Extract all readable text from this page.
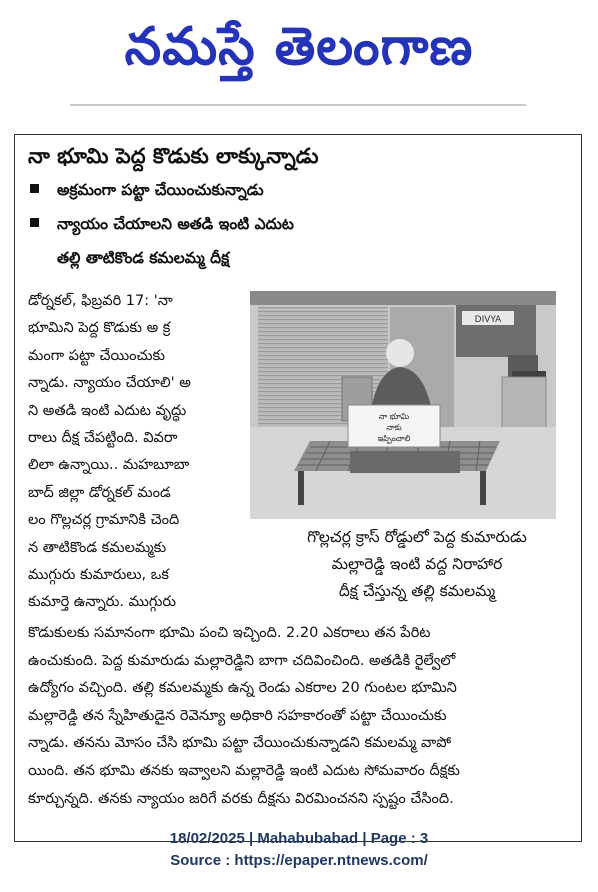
నమస్తే తెలంగాణ
నా భూమి పెద్ద కొడుకు లాక్కున్నాడు
అక్రమంగా పట్టా చేయించుకున్నాడు
న్యాయం చేయాలని అతడి ఇంటి ఎదుట
తల్లి తాటికొండ కమలమ్మ దీక్ష
డోర్నకల్‌, ఫిబ్రవరి 17: 'నా
భూమిని పెద్ద కొడుకు అ క్ర
మంగా పట్టా చేయించుకు
న్నాడు. న్యాయం చేయాలి' అ
ని అతడి ఇంటి ఎదుట వృద్ధు
రాలు దీక్ష చేపట్టింది. వివరా
లిలా ఉన్నాయి.. మహబూబా
బాద్‌ జిల్లా డోర్నకల్‌ మండ
లం గొల్లచర్ల గ్రామానికి చెంది
న తాటికొండ కమలమ్మకు
ముగ్గురు కుమారులు, ఒక
కుమార్తె ఉన్నారు. ముగ్గురు
DIVYA
నా భూమి
నాకు
ఇప్పించాలి
గొల్లచర్ల క్రాస్‌ రోడ్డులో పెద్ద కుమారుడు
మల్లారెడ్డి ఇంటి వద్ద నిరాహార
దీక్ష చేస్తున్న తల్లి కమలమ్మ
కొడుకులకు సమానంగా భూమి పంచి ఇచ్చింది. 2.20 ఎకరాలు తన పేరిట
ఉంచుకుంది. పెద్ద కుమారుడు మల్లారెడ్డిని బాగా చదివించింది. అతడికి రైల్వేలో
ఉద్యోగం వచ్చింది. తల్లి కమలమ్మకు ఉన్న రెండు ఎకరాల 20 గుంటల భూమిని
మల్లారెడ్డి తన స్నేహితుడైన రెవెన్యూ అధికారి సహకారంతో పట్టా చేయించుకు
న్నాడు. తనను మోసం చేసి భూమి పట్టా చేయించుకున్నాడని కమలమ్మ వాపో
యింది. తన భూమి తనకు ఇవ్వాలని మల్లారెడ్డి ఇంటి ఎదుట సోమవారం దీక్షకు
కూర్చున్నది. తనకు న్యాయం జరిగే వరకు దీక్షను విరమించనని స్పష్టం చేసింది.
18/02/2025 | Mahabubabad | Page : 3
Source : https://epaper.ntnews.com/
